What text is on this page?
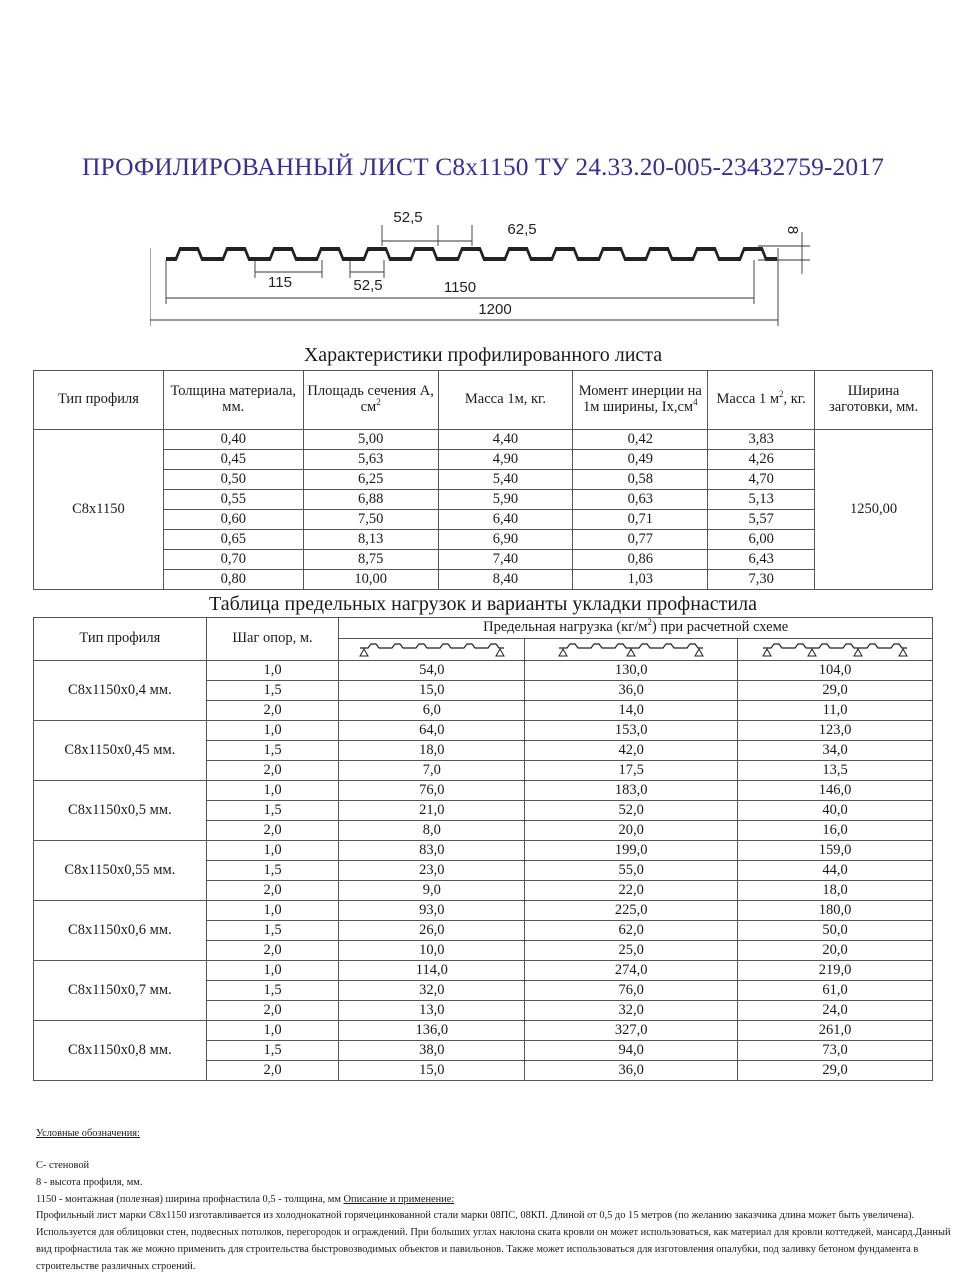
ПРОФИЛИРОВАННЫЙ ЛИСТ С8х1150 ТУ 24.33.20-005-23432759-2017
52,5
62,5	8
115	52,5	1150
1200
Характеристики профилированного листа
Тип профиля	Толщина материала, мм.	Площадь сечения А, $см^2$	Масса 1м, кг.	Момент инерции на 1м ширины, $Ix,см^4$	Масса 1 $м^2$, кг.	Ширина заготовки, мм.
С8х1150	0,40	5,00	4,40	0,42	3,83	1250,00
	0,45	5,63	4,90	0,49	4,26	
	0,50	6,25	5,40	0,58	4,70	
	0,55	6,88	5,90	0,63	5,13	
	0,60	7,50	6,40	0,71	5,57	
	0,65	8,13	6,90	0,77	6,00	
	0,70	8,75	7,40	0,86	6,43	
	0,80	10,00	8,40	1,03	7,30	
Таблица предельных нагрузок и варианты укладки профнастила
Тип профиля	Шаг опор, м.	Предельная нагрузка $(кг/м^2)$ при расчетной схеме		

С8х1150х0,4 мм.	1,0	54,0	130,0	104,0
	1,5	15,0	36,0	29,0
	2,0	6,0	14,0	11,0
С8х1150х0,45 мм.	1,0	64,0	153,0	123,0
	1,5	18,0	42,0	34,0
	2,0	7,0	17,5	13,5
С8х1150х0,5 мм.	1,0	76,0	183,0	146,0
	1,5	21,0	52,0	40,0
	2,0	8,0	20,0	16,0
С8х1150х0,55 мм.	1,0	83,0	199,0	159,0
	1,5	23,0	55,0	44,0
	2,0	9,0	22,0	18,0
С8х1150х0,6 мм.	1,0	93,0	225,0	180,0
	1,5	26,0	62,0	50,0
	2,0	10,0	25,0	20,0
С8х1150х0,7 мм.	1,0	114,0	274,0	219,0
	1,5	32,0	76,0	61,0
	2,0	13,0	32,0	24,0
С8х1150х0,8 мм.	1,0	136,0	327,0	261,0
	1,5	38,0	94,0	73,0
	2,0	15,0	36,0	29,0

Условные обозначения:

С- стеновой

8 - высота профиля, мм.

1150 - монтажная (полезная) ширина профнастила 0,5 - толщина, мм Описание и применение:

Профильный лист марки С8х1150 изготавливается из холоднокатной горячецинкованной стали марки 08ПС, 08КП. Длиной от 0,5 до 15 метров (по желанию заказчика длина может быть увеличена). Используется для облицовки стен, подвесных потолков, перегородок и ограждений. При больших углах наклона ската кровли он может использоваться, как материал для кровли коттеджей, мансард.Данный вид профнастила так же можно применить для строительства быстровозводимых объектов и павильонов. Также может использоваться для изготовления опалубки, под заливку бетоном фундамента в строительстве различных строений.
